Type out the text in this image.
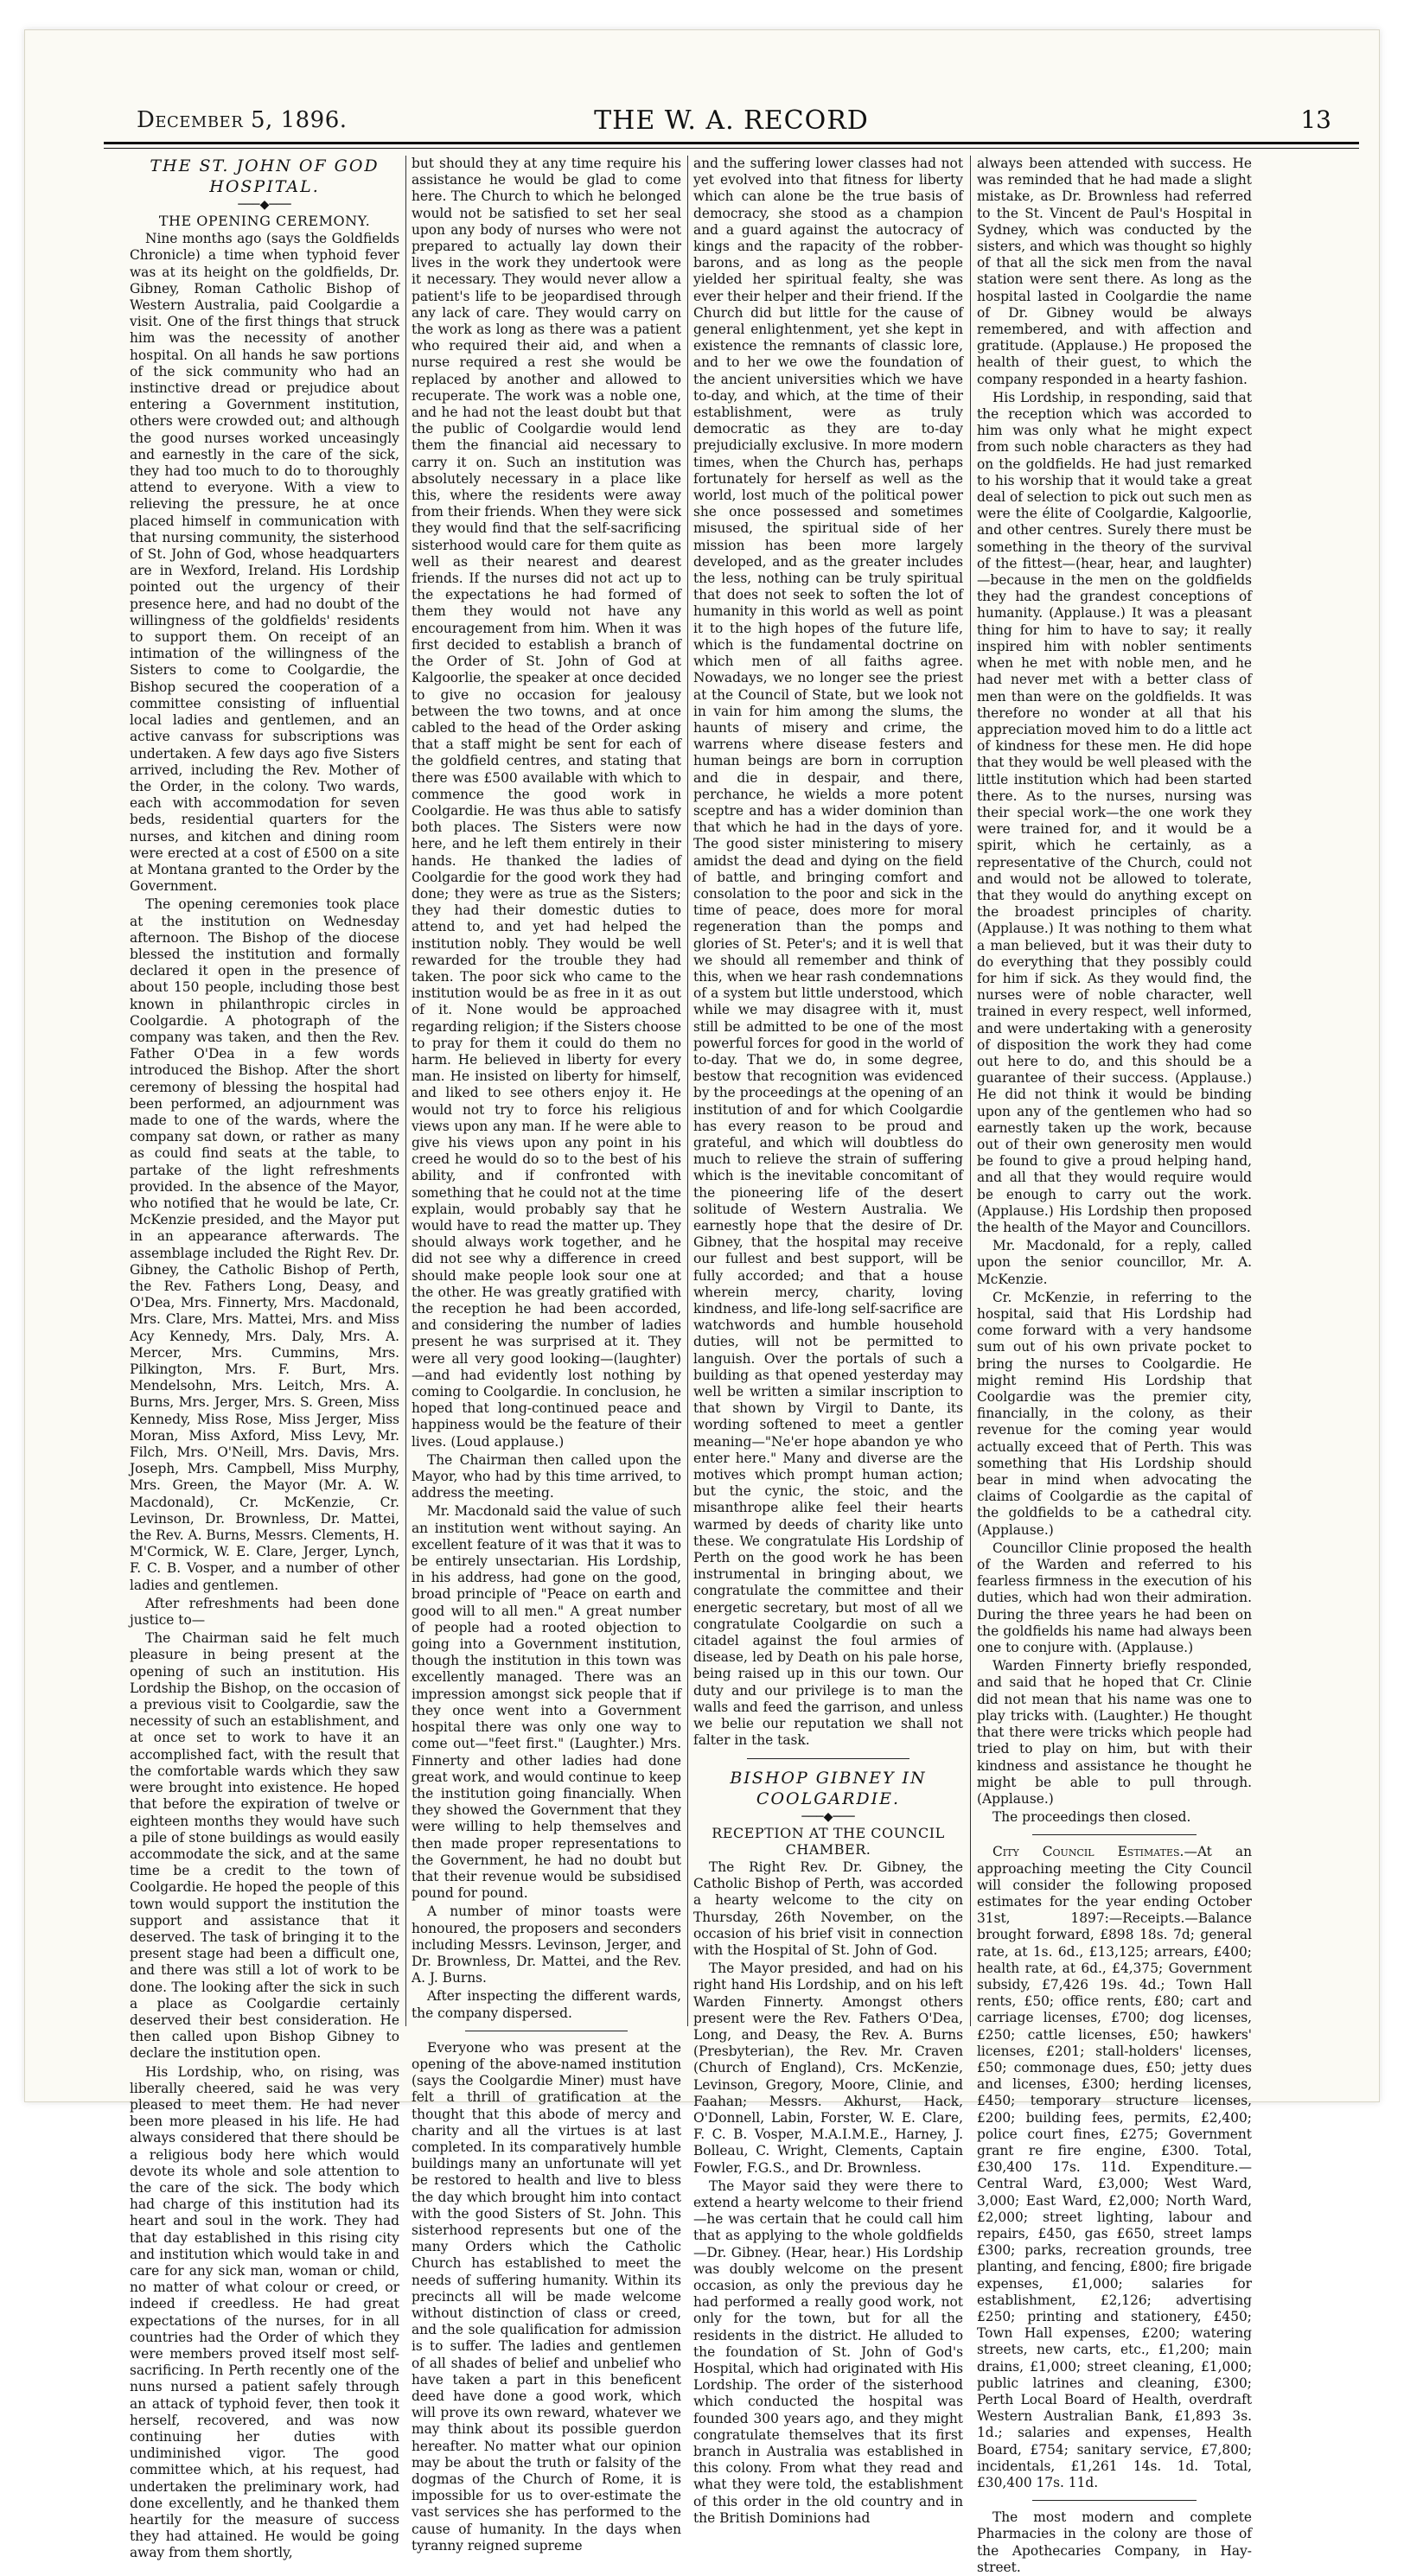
December 5, 1896.	THE W. A. RECORD	13

THE ST. JOHN OF GOD HOSPITAL.

───◆───

THE OPENING CEREMONY.

Nine months ago (says the Goldfields Chronicle) a time when typhoid fever was at its height on the goldfields, Dr. Gibney, Roman Catholic Bishop of Western Australia, paid Coolgardie a visit. One of the first things that struck him was the necessity of another hospital. On all hands he saw portions of the sick community who had an instinctive dread or prejudice about entering a Government institution, others were crowded out; and although the good nurses worked unceasingly and earnestly in the care of the sick, they had too much to do to thoroughly attend to everyone. With a view to relieving the pressure, he at once placed himself in communication with that nursing community, the sisterhood of St. John of God, whose headquarters are in Wexford, Ireland. His Lordship pointed out the urgency of their presence here, and had no doubt of the willingness of the goldfields' residents to support them. On receipt of an intimation of the willingness of the Sisters to come to Coolgardie, the Bishop secured the cooperation of a committee consisting of influential local ladies and gentlemen, and an active canvass for subscriptions was undertaken. A few days ago five Sisters arrived, including the Rev. Mother of the Order, in the colony. Two wards, each with accommodation for seven beds, residential quarters for the nurses, and kitchen and dining room were erected at a cost of £500 on a site at Montana granted to the Order by the Government.

The opening ceremonies took place at the institution on Wednesday afternoon. The Bishop of the diocese blessed the institution and formally declared it open in the presence of about 150 people, including those best known in philanthropic circles in Coolgardie. A photograph of the company was taken, and then the Rev. Father O'Dea in a few words introduced the Bishop. After the short ceremony of blessing the hospital had been performed, an adjournment was made to one of the wards, where the company sat down, or rather as many as could find seats at the table, to partake of the light refreshments provided. In the absence of the Mayor, who notified that he would be late, Cr. McKenzie presided, and the Mayor put in an appearance afterwards. The assemblage included the Right Rev. Dr. Gibney, the Catholic Bishop of Perth, the Rev. Fathers Long, Deasy, and O'Dea, Mrs. Finnerty, Mrs. Macdonald, Mrs. Clare, Mrs. Mattei, Mrs. and Miss Acy Kennedy, Mrs. Daly, Mrs. A. Mercer, Mrs. Cummins, Mrs. Pilkington, Mrs. F. Burt, Mrs. Mendelsohn, Mrs. Leitch, Mrs. A. Burns, Mrs. Jerger, Mrs. S. Green, Miss Kennedy, Miss Rose, Miss Jerger, Miss Moran, Miss Axford, Miss Levy, Mr. Filch, Mrs. O'Neill, Mrs. Davis, Mrs. Joseph, Mrs. Campbell, Miss Murphy, Mrs. Green, the Mayor (Mr. A. W. Macdonald), Cr. McKenzie, Cr. Levinson, Dr. Brownless, Dr. Mattei, the Rev. A. Burns, Messrs. Clements, H. M'Cormick, W. E. Clare, Jerger, Lynch, F. C. B. Vosper, and a number of other ladies and gentlemen.

After refreshments had been done justice to—

The Chairman said he felt much pleasure in being present at the opening of such an institution. His Lordship the Bishop, on the occasion of a previous visit to Coolgardie, saw the necessity of such an establishment, and at once set to work to have it an accomplished fact, with the result that the comfortable wards which they saw were brought into existence. He hoped that before the expiration of twelve or eighteen months they would have such a pile of stone buildings as would easily accommodate the sick, and at the same time be a credit to the town of Coolgardie. He hoped the people of this town would support the institution the support and assistance that it deserved. The task of bringing it to the present stage had been a difficult one, and there was still a lot of work to be done. The looking after the sick in such a place as Coolgardie certainly deserved their best consideration. He then called upon Bishop Gibney to declare the institution open.

His Lordship, who, on rising, was liberally cheered, said he was very pleased to meet them. He had never been more pleased in his life. He had always considered that there should be a religious body here which would devote its whole and sole attention to the care of the sick. The body which had charge of this institution had its heart and soul in the work. They had that day established in this rising city and institution which would take in and care for any sick man, woman or child, no matter of what colour or creed, or indeed if creedless. He had great expectations of the nurses, for in all countries had the Order of which they were members proved itself most self-sacrificing. In Perth recently one of the nuns nursed a patient safely through an attack of typhoid fever, then took it herself, recovered, and was now continuing her duties with undiminished vigor. The good committee which, at his request, had undertaken the preliminary work, had done excellently, and he thanked them heartily for the measure of success they had attained. He would be going away from them shortly,

but should they at any time require his assistance he would be glad to come here. The Church to which he belonged would not be satisfied to set her seal upon any body of nurses who were not prepared to actually lay down their lives in the work they undertook were it necessary. They would never allow a patient's life to be jeopardised through any lack of care. They would carry on the work as long as there was a patient who required their aid, and when a nurse required a rest she would be replaced by another and allowed to recuperate. The work was a noble one, and he had not the least doubt but that the public of Coolgardie would lend them the financial aid necessary to carry it on. Such an institution was absolutely necessary in a place like this, where the residents were away from their friends. When they were sick they would find that the self-sacrificing sisterhood would care for them quite as well as their nearest and dearest friends. If the nurses did not act up to the expectations he had formed of them they would not have any encouragement from him. When it was first decided to establish a branch of the Order of St. John of God at Kalgoorlie, the speaker at once decided to give no occasion for jealousy between the two towns, and at once cabled to the head of the Order asking that a staff might be sent for each of the goldfield centres, and stating that there was £500 available with which to commence the good work in Coolgardie. He was thus able to satisfy both places. The Sisters were now here, and he left them entirely in their hands. He thanked the ladies of Coolgardie for the good work they had done; they were as true as the Sisters; they had their domestic duties to attend to, and yet had helped the institution nobly. They would be well rewarded for the trouble they had taken. The poor sick who came to the institution would be as free in it as out of it. None would be approached regarding religion; if the Sisters choose to pray for them it could do them no harm. He believed in liberty for every man. He insisted on liberty for himself, and liked to see others enjoy it. He would not try to force his religious views upon any man. If he were able to give his views upon any point in his creed he would do so to the best of his ability, and if confronted with something that he could not at the time explain, would probably say that he would have to read the matter up. They should always work together, and he did not see why a difference in creed should make people look sour one at the other. He was greatly gratified with the reception he had been accorded, and considering the number of ladies present he was surprised at it. They were all very good looking—(laughter)—and had evidently lost nothing by coming to Coolgardie. In conclusion, he hoped that long-continued peace and happiness would be the feature of their lives. (Loud applause.)

The Chairman then called upon the Mayor, who had by this time arrived, to address the meeting.

Mr. Macdonald said the value of such an institution went without saying. An excellent feature of it was that it was to be entirely unsectarian. His Lordship, in his address, had gone on the good, broad principle of "Peace on earth and good will to all men." A great number of people had a rooted objection to going into a Government institution, though the institution in this town was excellently managed. There was an impression amongst sick people that if they once went into a Government hospital there was only one way to come out—"feet first." (Laughter.) Mrs. Finnerty and other ladies had done great work, and would continue to keep the institution going financially. When they showed the Government that they were willing to help themselves and then made proper representations to the Government, he had no doubt but that their revenue would be subsidised pound for pound.

A number of minor toasts were honoured, the proposers and seconders including Messrs. Levinson, Jerger, and Dr. Brownless, Dr. Mattei, and the Rev. A. J. Burns.

After inspecting the different wards, the company dispersed.

Everyone who was present at the opening of the above-named institution (says the Coolgardie Miner) must have felt a thrill of gratification at the thought that this abode of mercy and charity and all the virtues is at last completed. In its comparatively humble buildings many an unfortunate will yet be restored to health and live to bless the day which brought him into contact with the good Sisters of St. John. This sisterhood represents but one of the many Orders which the Catholic Church has established to meet the needs of suffering humanity. Within its precincts all will be made welcome without distinction of class or creed, and the sole qualification for admission is to suffer. The ladies and gentlemen of all shades of belief and unbelief who have taken a part in this beneficent deed have done a good work, which will prove its own reward, whatever we may think about its possible guerdon hereafter. No matter what our opinion may be about the truth or falsity of the dogmas of the Church of Rome, it is impossible for us to over-estimate the vast services she has performed to the cause of humanity. In the days when tyranny reigned supreme

and the suffering lower classes had not yet evolved into that fitness for liberty which can alone be the true basis of democracy, she stood as a champion and a guard against the autocracy of kings and the rapacity of the robber-barons, and as long as the people yielded her spiritual fealty, she was ever their helper and their friend. If the Church did but little for the cause of general enlightenment, yet she kept in existence the remnants of classic lore, and to her we owe the foundation of the ancient universities which we have to-day, and which, at the time of their establishment, were as truly democratic as they are to-day prejudicially exclusive. In more modern times, when the Church has, perhaps fortunately for herself as well as the world, lost much of the political power she once possessed and sometimes misused, the spiritual side of her mission has been more largely developed, and as the greater includes the less, nothing can be truly spiritual that does not seek to soften the lot of humanity in this world as well as point it to the high hopes of the future life, which is the fundamental doctrine on which men of all faiths agree. Nowadays, we no longer see the priest at the Council of State, but we look not in vain for him among the slums, the haunts of misery and crime, the warrens where disease festers and human beings are born in corruption and die in despair, and there, perchance, he wields a more potent sceptre and has a wider dominion than that which he had in the days of yore. The good sister ministering to misery amidst the dead and dying on the field of battle, and bringing comfort and consolation to the poor and sick in the time of peace, does more for moral regeneration than the pomps and glories of St. Peter's; and it is well that we should all remember and think of this, when we hear rash condemnations of a system but little understood, which while we may disagree with it, must still be admitted to be one of the most powerful forces for good in the world of to-day. That we do, in some degree, bestow that recognition was evidenced by the proceedings at the opening of an institution of and for which Coolgardie has every reason to be proud and grateful, and which will doubtless do much to relieve the strain of suffering which is the inevitable concomitant of the pioneering life of the desert solitude of Western Australia. We earnestly hope that the desire of Dr. Gibney, that the hospital may receive our fullest and best support, will be fully accorded; and that a house wherein mercy, charity, loving kindness, and life-long self-sacrifice are watchwords and humble household duties, will not be permitted to languish. Over the portals of such a building as that opened yesterday may well be written a similar inscription to that shown by Virgil to Dante, its wording softened to meet a gentler meaning—"Ne'er hope abandon ye who enter here." Many and diverse are the motives which prompt human action; but the cynic, the stoic, and the misanthrope alike feel their hearts warmed by deeds of charity like unto these. We congratulate His Lordship of Perth on the good work he has been instrumental in bringing about, we congratulate the committee and their energetic secretary, but most of all we congratulate Coolgardie on such a citadel against the foul armies of disease, led by Death on his pale horse, being raised up in this our town. Our duty and our privilege is to man the walls and feed the garrison, and unless we belie our reputation we shall not falter in the task.

BISHOP GIBNEY IN COOLGARDIE.

───◆───

RECEPTION AT THE COUNCIL CHAMBER.

The Right Rev. Dr. Gibney, the Catholic Bishop of Perth, was accorded a hearty welcome to the city on Thursday, 26th November, on the occasion of his brief visit in connection with the Hospital of St. John of God.

The Mayor presided, and had on his right hand His Lordship, and on his left Warden Finnerty. Amongst others present were the Rev. Fathers O'Dea, Long, and Deasy, the Rev. A. Burns (Presbyterian), the Rev. Mr. Craven (Church of England), Crs. McKenzie, Levinson, Gregory, Moore, Clinie, and Faahan; Messrs. Akhurst, Hack, O'Donnell, Labin, Forster, W. E. Clare, F. C. B. Vosper, M.A.I.M.E., Harney, J. Bolleau, C. Wright, Clements, Captain Fowler, F.G.S., and Dr. Brownless.

The Mayor said they were there to extend a hearty welcome to their friend—he was certain that he could call him that as applying to the whole goldfields—Dr. Gibney. (Hear, hear.) His Lordship was doubly welcome on the present occasion, as only the previous day he had performed a really good work, not only for the town, but for all the residents in the district. He alluded to the foundation of St. John of God's Hospital, which had originated with His Lordship. The order of the sisterhood which conducted the hospital was founded 300 years ago, and they might congratulate themselves that its first branch in Australia was established in this colony. From what they read and what they were told, the establishment of this order in the old country and in the British Dominions had

always been attended with success. He was reminded that he had made a slight mistake, as Dr. Brownless had referred to the St. Vincent de Paul's Hospital in Sydney, which was conducted by the sisters, and which was thought so highly of that all the sick men from the naval station were sent there. As long as the hospital lasted in Coolgardie the name of Dr. Gibney would be always remembered, and with affection and gratitude. (Applause.) He proposed the health of their guest, to which the company responded in a hearty fashion.

His Lordship, in responding, said that the reception which was accorded to him was only what he might expect from such noble characters as they had on the goldfields. He had just remarked to his worship that it would take a great deal of selection to pick out such men as were the élite of Coolgardie, Kalgoorlie, and other centres. Surely there must be something in the theory of the survival of the fittest—(hear, hear, and laughter)—because in the men on the goldfields they had the grandest conceptions of humanity. (Applause.) It was a pleasant thing for him to have to say; it really inspired him with nobler sentiments when he met with noble men, and he had never met with a better class of men than were on the goldfields. It was therefore no wonder at all that his appreciation moved him to do a little act of kindness for these men. He did hope that they would be well pleased with the little institution which had been started there. As to the nurses, nursing was their special work—the one work they were trained for, and it would be a spirit, which he certainly, as a representative of the Church, could not and would not be allowed to tolerate, that they would do anything except on the broadest principles of charity. (Applause.) It was nothing to them what a man believed, but it was their duty to do everything that they possibly could for him if sick. As they would find, the nurses were of noble character, well trained in every respect, well informed, and were undertaking with a generosity of disposition the work they had come out here to do, and this should be a guarantee of their success. (Applause.) He did not think it would be binding upon any of the gentlemen who had so earnestly taken up the work, because out of their own generosity men would be found to give a proud helping hand, and all that they would require would be enough to carry out the work. (Applause.) His Lordship then proposed the health of the Mayor and Councillors.

Mr. Macdonald, for a reply, called upon the senior councillor, Mr. A. McKenzie.

Cr. McKenzie, in referring to the hospital, said that His Lordship had come forward with a very handsome sum out of his own private pocket to bring the nurses to Coolgardie. He might remind His Lordship that Coolgardie was the premier city, financially, in the colony, as their revenue for the coming year would actually exceed that of Perth. This was something that His Lordship should bear in mind when advocating the claims of Coolgardie as the capital of the goldfields to be a cathedral city. (Applause.)

Councillor Clinie proposed the health of the Warden and referred to his fearless firmness in the execution of his duties, which had won their admiration. During the three years he had been on the goldfields his name had always been one to conjure with. (Applause.)

Warden Finnerty briefly responded, and said that he hoped that Cr. Clinie did not mean that his name was one to play tricks with. (Laughter.) He thought that there were tricks which people had tried to play on him, but with their kindness and assistance he thought he might be able to pull through. (Applause.)

The proceedings then closed.

City Council Estimates.—At an approaching meeting the City Council will consider the following proposed estimates for the year ending October 31st, 1897:—Receipts.—Balance brought forward, £898 18s. 7d; general rate, at 1s. 6d., £13,125; arrears, £400; health rate, at 6d., £4,375; Government subsidy, £7,426 19s. 4d.; Town Hall rents, £50; office rents, £80; cart and carriage licenses, £700; dog licenses, £250; cattle licenses, £50; hawkers' licenses, £201; stall-holders' licenses, £50; commonage dues, £50; jetty dues and licenses, £300; herding licenses, £450; temporary structure licenses, £200; building fees, permits, £2,400; police court fines, £275; Government grant re fire engine, £300. Total, £30,400 17s. 11d. Expenditure.—Central Ward, £3,000; West Ward, 3,000; East Ward, £2,000; North Ward, £2,000; street lighting, labour and repairs, £450, gas £650, street lamps £300; parks, recreation grounds, tree planting, and fencing, £800; fire brigade expenses, £1,000; salaries for establishment, £2,126; advertising £250; printing and stationery, £450; Town Hall expenses, £200; watering streets, new carts, etc., £1,200; main drains, £1,000; street cleaning, £1,000; public latrines and cleaning, £300; Perth Local Board of Health, overdraft Western Australian Bank, £1,893 3s. 1d.; salaries and expenses, Health Board, £754; sanitary service, £7,800; incidentals, £1,261 14s. 1d. Total, £30,400 17s. 11d.

The most modern and complete Pharmacies in the colony are those of the Apothecaries Company, in Hay-street.
